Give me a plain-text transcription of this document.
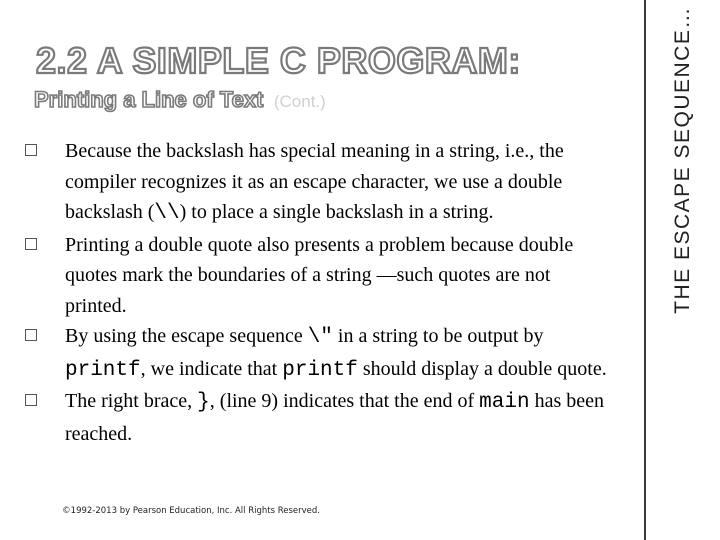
2.2 A SIMPLE C PROGRAM:
Printing a Line of Text (Cont.)
Because the backslash has special meaning in a string, i.e., the compiler recognizes it as an escape character, we use a double backslash (\\) to place a single backslash in a string.
Printing a double quote also presents a problem because double quotes mark the boundaries of a string —such quotes are not printed.
By using the escape sequence \" in a string to be output by printf, we indicate that printf should display a double quote.
The right brace, }, (line 9) indicates that the end of main has been reached.
©1992-2013 by Pearson Education, Inc. All Rights Reserved.
THE ESCAPE SEQUENCE…
